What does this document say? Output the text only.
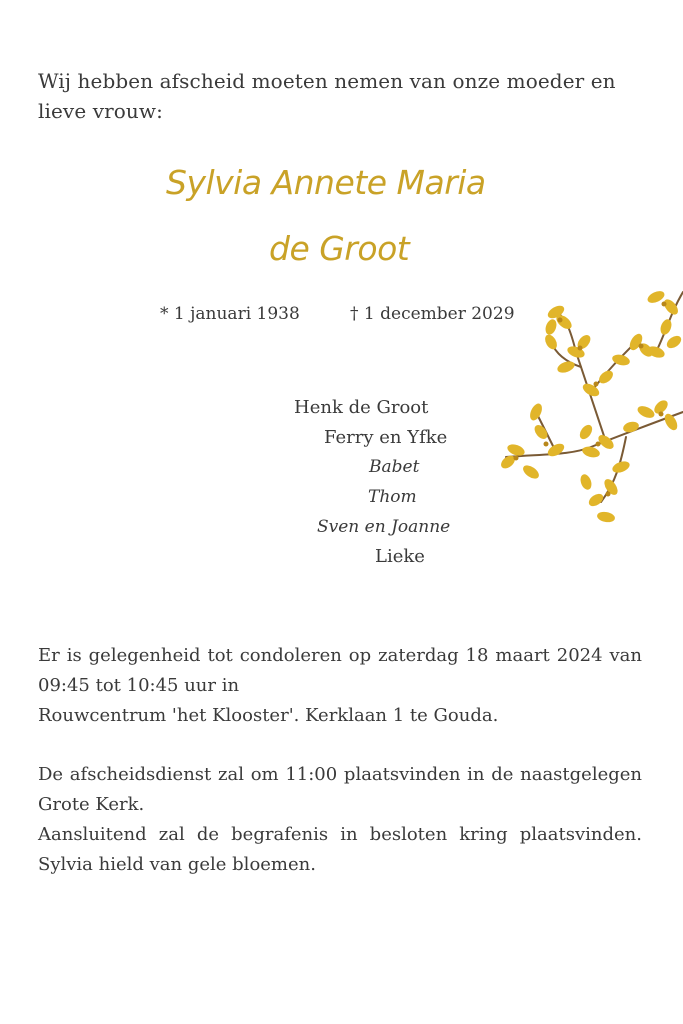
Wij hebben afscheid moeten nemen van onze moeder en lieve vrouw:
Sylvia Annete Maria
de Groot
* 1 januari 1938	† 1 december 2029
Henk de Groot
Ferry en Yfke
Babet
Thom
Sven en Joanne
Lieke
Er is gelegenheid tot condoleren op zaterdag 18 maart 2024 van 09:45 tot 10:45 uur in
Rouwcentrum 'het Klooster'. Kerklaan 1 te Gouda.
De afscheidsdienst zal om 11:00 plaatsvinden in de naastgelegen Grote Kerk.
Aansluitend zal de begrafenis in besloten kring plaatsvinden. Sylvia hield van gele bloemen.
